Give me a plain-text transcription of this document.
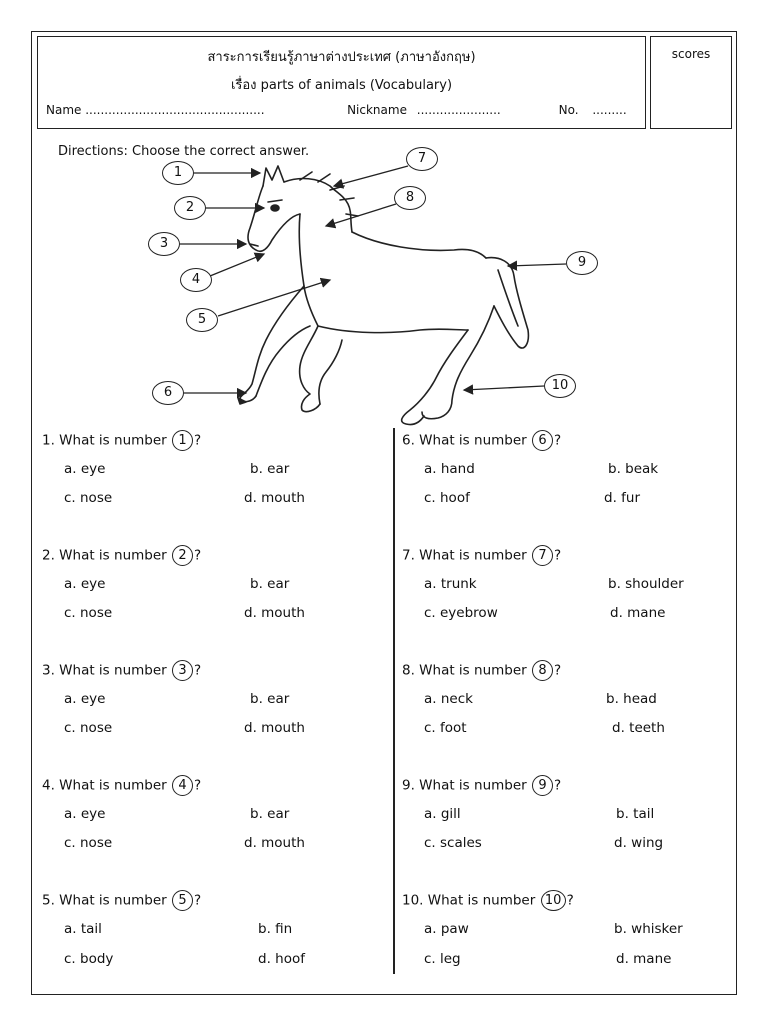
สาระการเรียนรู้ภาษาต่างประเทศ (ภาษาอังกฤษ)
เรื่อง parts of animals (Vocabulary)
Name ...............................................	Nickname ......................	No. .........
scores
Directions: Choose the correct answer.
1
2
3
4
5
6
7
8
9
10
1. What is number 1 ?
a. eye	b. ear
c. nose	d. mouth
2. What is number 2 ?
a. eye	b. ear
c. nose	d. mouth
3. What is number 3 ?
a. eye	b. ear
c. nose	d. mouth
4. What is number 4 ?
a. eye	b. ear
c. nose	d. mouth
5. What is number 5 ?
a. tail	b. fin
c. body	d. hoof
6. What is number 6 ?
a. hand	b. beak
c. hoof	d. fur
7. What is number 7 ?
a. trunk	b. shoulder
c. eyebrow	d. mane
8. What is number 8 ?
a. neck	b. head
c. foot	d. teeth
9. What is number 9 ?
a. gill	b. tail
c. scales	d. wing
10. What is number 10 ?
a. paw	b. whisker
c. leg	d. mane
